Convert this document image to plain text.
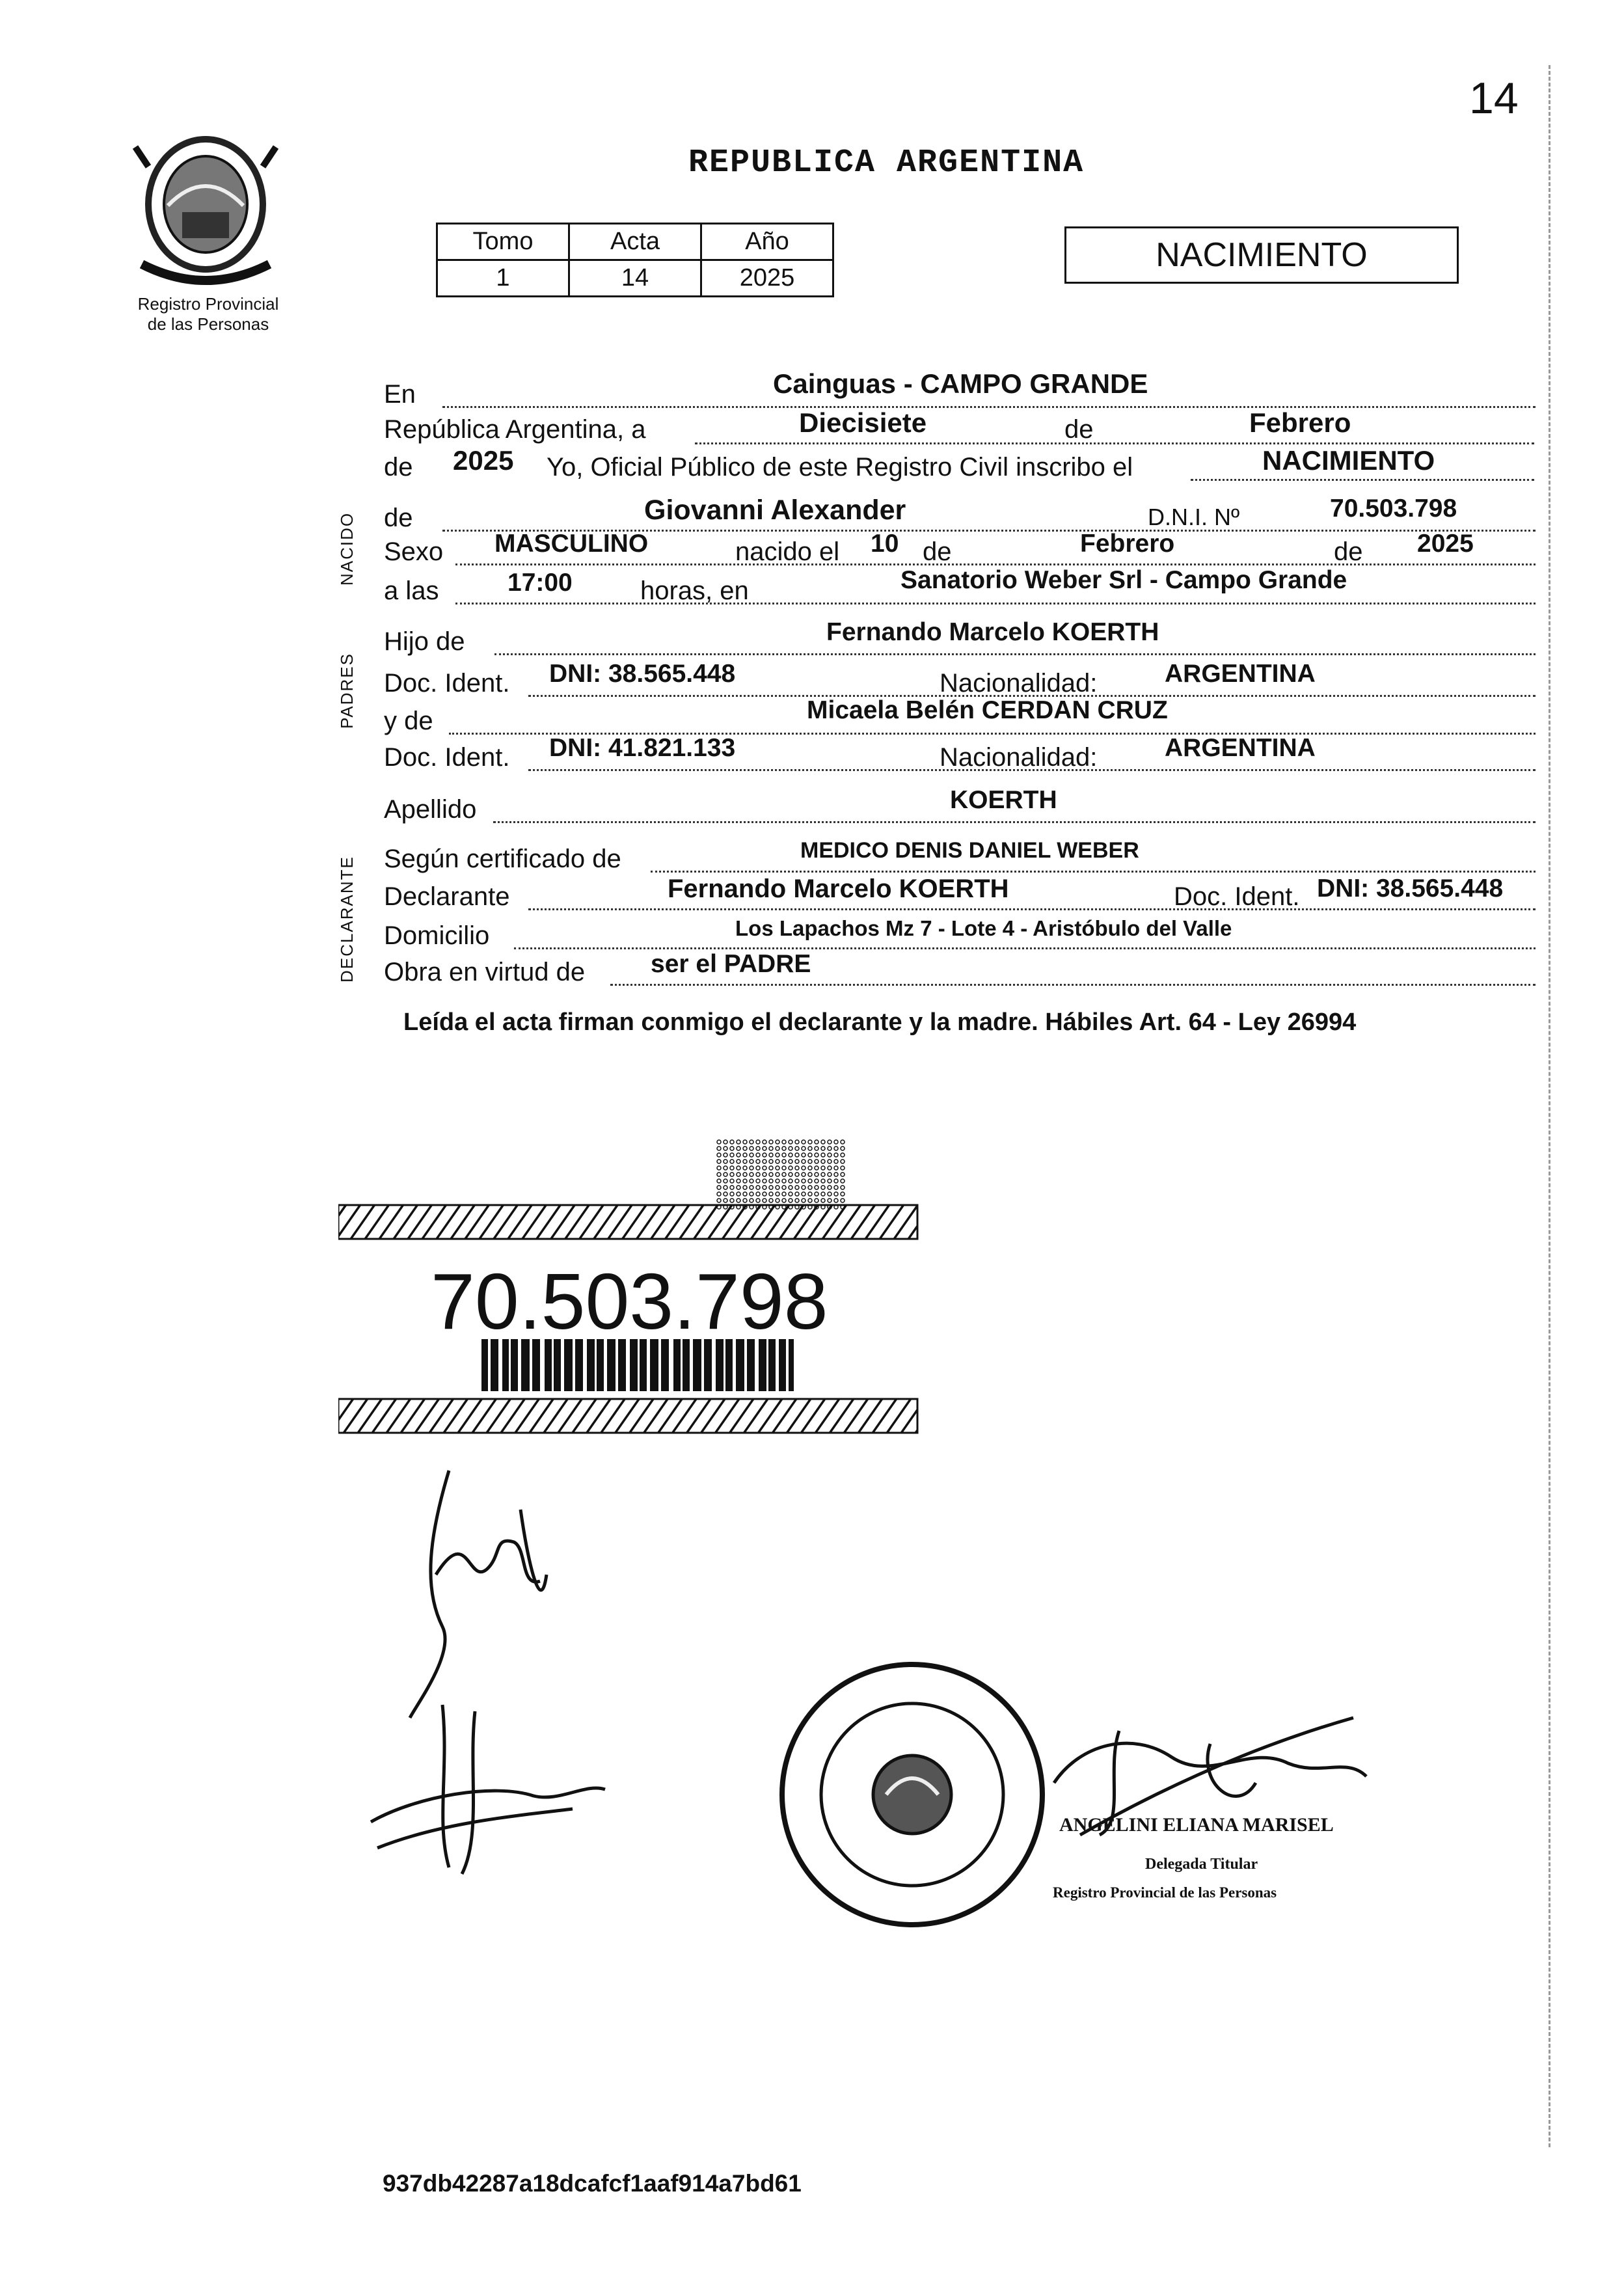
14
Registro Provincial
de las Personas
REPUBLICA ARGENTINA
Tomo	Acta	Año
1	14	2025
NACIMIENTO
NACIDO
PADRES
DECLARANTE
En	Cainguas - CAMPO GRANDE
República Argentina, a	Diecisiete	de	Febrero
de 2025 Yo, Oficial Público de este Registro Civil inscribo el	NACIMIENTO
de	Giovanni Alexander	D.N.I. Nº	70.503.798
Sexo MASCULINO	nacido el 10 de	Febrero	de 2025
a las	17:00	horas, en	Sanatorio Weber Srl - Campo Grande
Hijo de	Fernando Marcelo KOERTH
Doc. Ident. DNI: 38.565.448	Nacionalidad:	ARGENTINA
y de	Micaela Belén CERDAN CRUZ
Doc. Ident. DNI: 41.821.133	Nacionalidad:	ARGENTINA
Apellido	KOERTH
Según certificado de	MEDICO DENIS DANIEL WEBER
Declarante	Fernando Marcelo KOERTH	Doc. Ident. DNI: 38.565.448
Domicilio	Los Lapachos Mz 7 - Lote 4 - Aristóbulo del Valle
Obra en virtud de	ser el PADRE
Leída el acta firman conmigo el declarante y la madre. Hábiles Art. 64 - Ley 26994
70.503.798
ANGELINI ELIANA MARISEL
Delegada Titular
Registro Provincial de las Personas
937db42287a18dcafcf1aaf914a7bd61
